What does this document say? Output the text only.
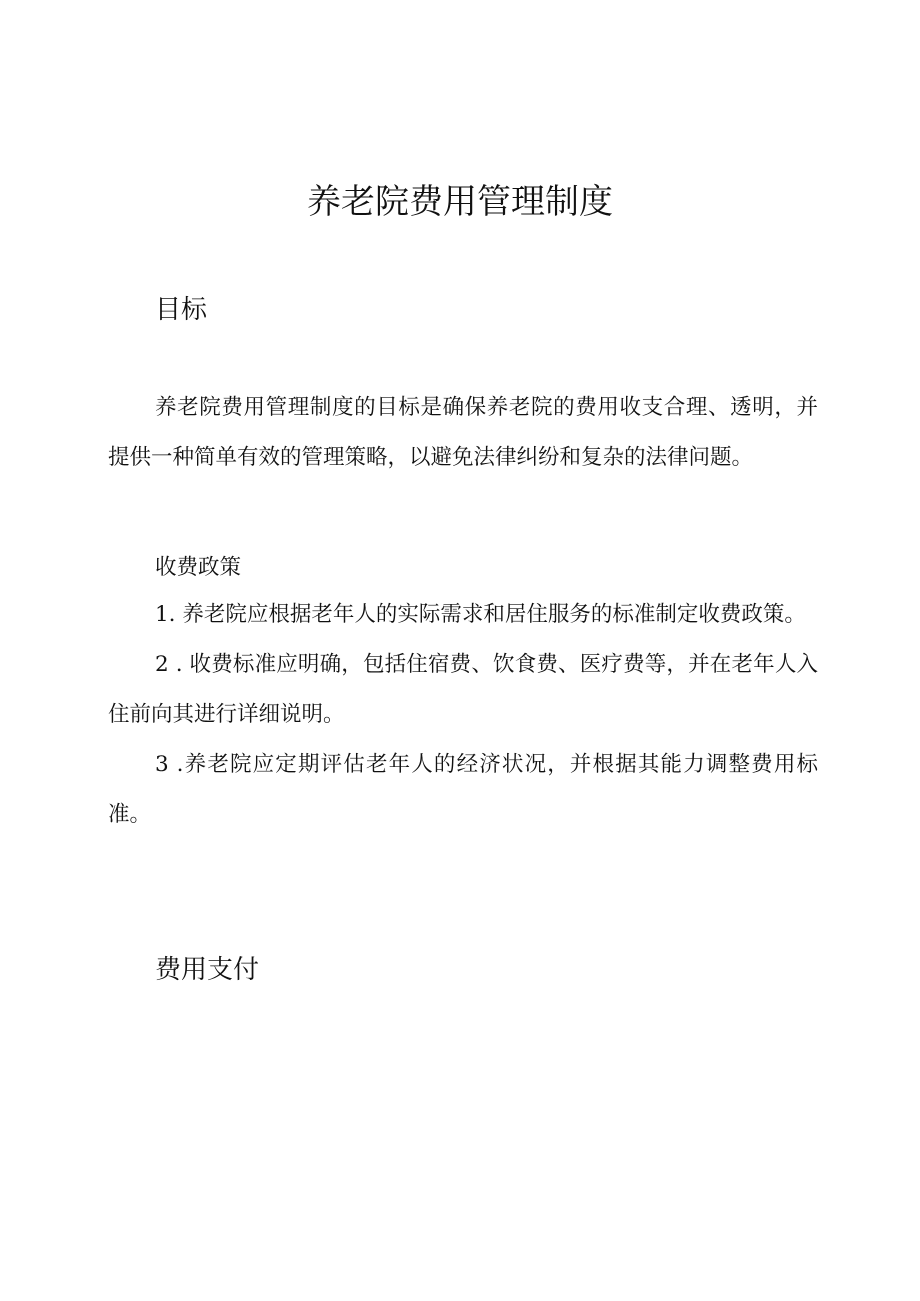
养老院费用管理制度
目标

养老院费用管理制度的目标是确保养老院的费用收支合理、透明，并提供一种简单有效的管理策略，以避免法律纠纷和复杂的法律问题。

收费政策

1. 养老院应根据老年人的实际需求和居住服务的标准制定收费政策。
2 . 收费标准应明确，包括住宿费、饮食费、医疗费等，并在老年人入住前向其进行详细说明。
3 .养老院应定期评估老年人的经济状况，并根据其能力调整费用标准。
费用支付
